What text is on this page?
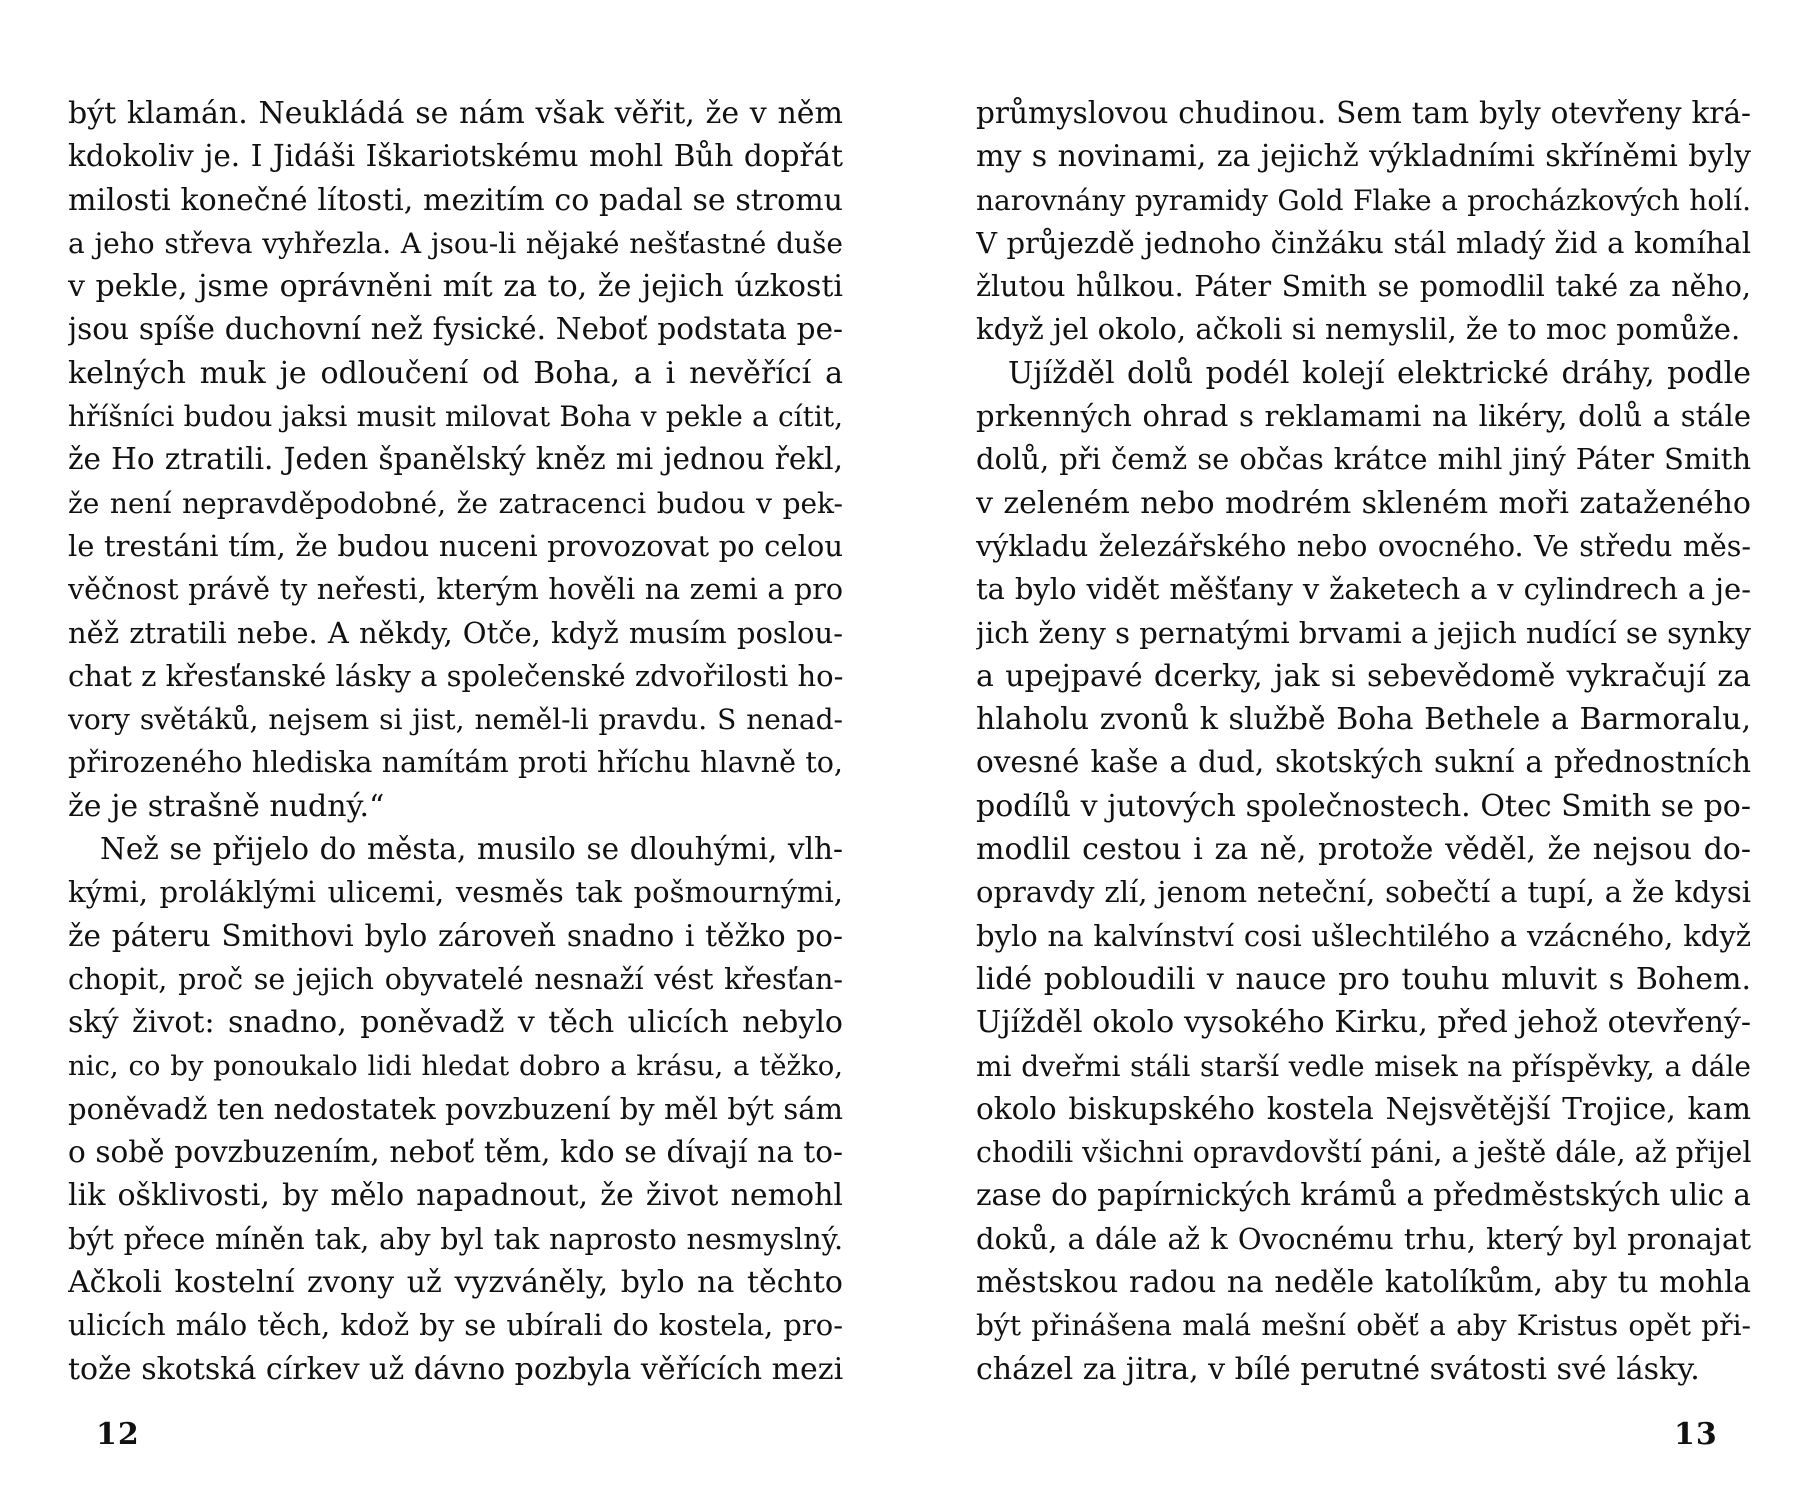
být klamán. Neukládá se nám však věřit, že v něm
kdokoliv je. I Jidáši Iškariotskému mohl Bůh dopřát
milosti konečné lítosti, mezitím co padal se stromu
a jeho střeva vyhřezla. A jsou-li nějaké nešťastné duše
v pekle, jsme oprávněni mít za to, že jejich úzkosti
jsou spíše duchovní než fysické. Neboť podstata pe-
kelných muk je odloučení od Boha, a i nevěřící a
hříšníci budou jaksi musit milovat Boha v pekle a cítit,
že Ho ztratili. Jeden španělský kněz mi jednou řekl,
že není nepravděpodobné, že zatracenci budou v pek-
le trestáni tím, že budou nuceni provozovat po celou
věčnost právě ty neřesti, kterým hověli na zemi a pro
něž ztratili nebe. A někdy, Otče, když musím poslou-
chat z křesťanské lásky a společenské zdvořilosti ho-
vory světáků, nejsem si jist, neměl-li pravdu. S nenad-
přirozeného hlediska namítám proti hříchu hlavně to,
že je strašně nudný.“
Než se přijelo do města, musilo se dlouhými, vlh-
kými, proláklými ulicemi, vesměs tak pošmournými,
že páteru Smithovi bylo zároveň snadno i těžko po-
chopit, proč se jejich obyvatelé nesnaží vést křesťan-
ský život: snadno, poněvadž v těch ulicích nebylo
nic, co by ponoukalo lidi hledat dobro a krásu, a těžko,
poněvadž ten nedostatek povzbuzení by měl být sám
o sobě povzbuzením, neboť těm, kdo se dívají na to-
lik ošklivosti, by mělo napadnout, že život nemohl
být přece míněn tak, aby byl tak naprosto nesmyslný.
Ačkoli kostelní zvony už vyzváněly, bylo na těchto
ulicích málo těch, kdož by se ubírali do kostela, pro-
tože skotská církev už dávno pozbyla věřících mezi
12
průmyslovou chudinou. Sem tam byly otevřeny krá-
my s novinami, za jejichž výkladními skříněmi byly
narovnány pyramidy Gold Flake a procházkových holí.
V průjezdě jednoho činžáku stál mladý žid a komíhal
žlutou hůlkou. Páter Smith se pomodlil také za něho,
když jel okolo, ačkoli si nemyslil, že to moc pomůže.
Ujížděl dolů podél kolejí elektrické dráhy, podle
prkenných ohrad s reklamami na likéry, dolů a stále
dolů, při čemž se občas krátce mihl jiný Páter Smith
v zeleném nebo modrém skleném moři zataženého
výkladu železářského nebo ovocného. Ve středu měs-
ta bylo vidět měšťany v žaketech a v cylindrech a je-
jich ženy s pernatými brvami a jejich nudící se synky
a upejpavé dcerky, jak si sebevědomě vykračují za
hlaholu zvonů k službě Boha Bethele a Barmoralu,
ovesné kaše a dud, skotských sukní a přednostních
podílů v jutových společnostech. Otec Smith se po-
modlil cestou i za ně, protože věděl, že nejsou do-
opravdy zlí, jenom neteční, sobečtí a tupí, a že kdysi
bylo na kalvínství cosi ušlechtilého a vzácného, když
lidé pobloudili v nauce pro touhu mluvit s Bohem.
Ujížděl okolo vysokého Kirku, před jehož otevřený-
mi dveřmi stáli starší vedle misek na příspěvky, a dále
okolo biskupského kostela Nejsvětější Trojice, kam
chodili všichni opravdovští páni, a ještě dále, až přijel
zase do papírnických krámů a předměstských ulic a
doků, a dále až k Ovocnému trhu, který byl pronajat
městskou radou na neděle katolíkům, aby tu mohla
být přinášena malá mešní oběť a aby Kristus opět při-
cházel za jitra, v bílé perutné svátosti své lásky.
13
